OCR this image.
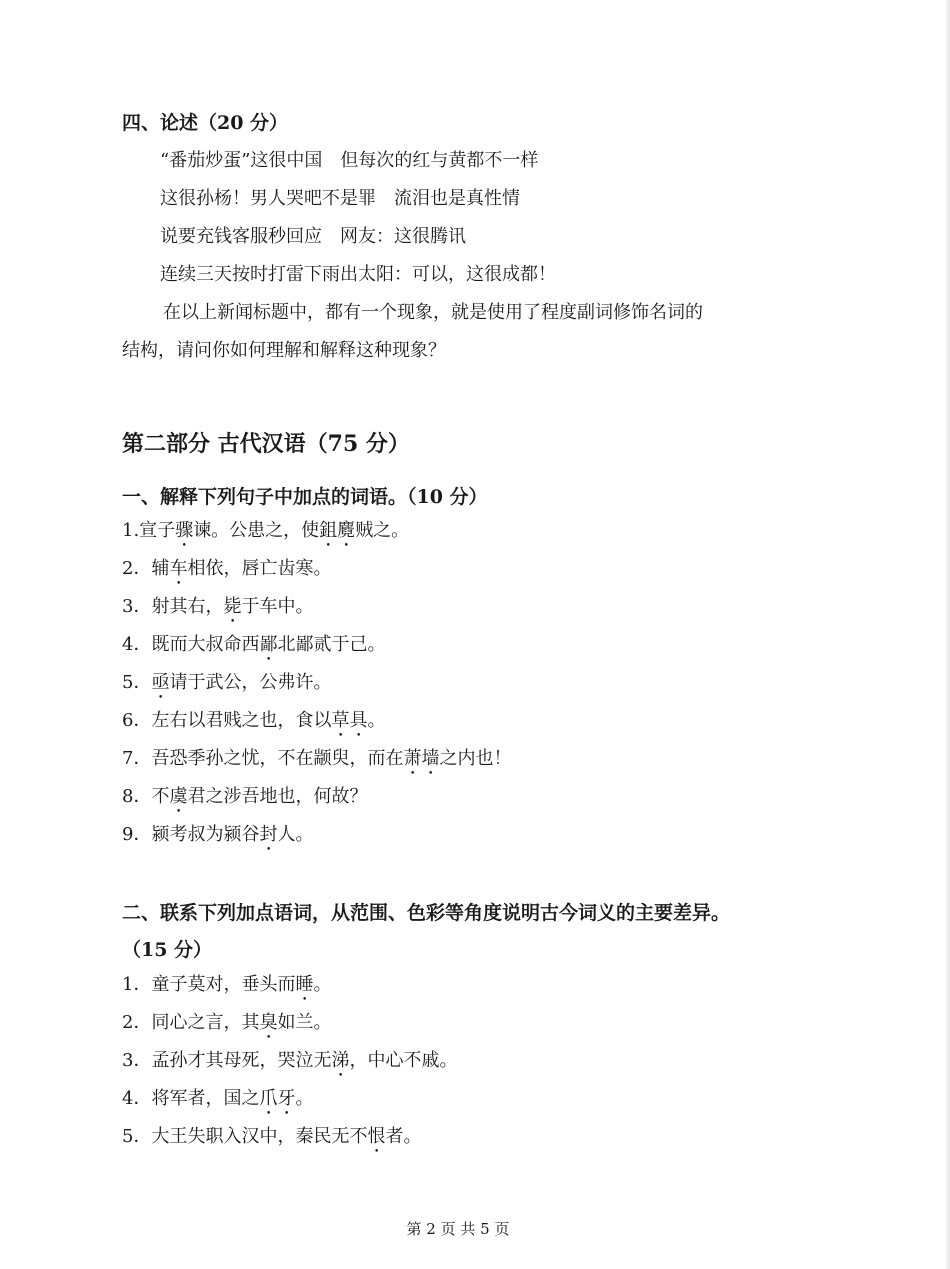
四、论述（20 分）
“番茄炒蛋”这很中国　但每次的红与黄都不一样
这很孙杨！男人哭吧不是罪　流泪也是真性情
说要充钱客服秒回应　网友：这很腾讯
连续三天按时打雷下雨出太阳：可以，这很成都！
在以上新闻标题中，都有一个现象，就是使用了程度副词修饰名词的
结构，请问你如何理解和解释这种现象？
第二部分 古代汉语（75 分）
一、解释下列句子中加点的词语。（10 分）
1.宣子骤谏。公患之，使鉏麑贼之。
2．辅车相依，唇亡齿寒。
3．射其右，毙于车中。
4．既而大叔命西鄙北鄙贰于己。
5．亟请于武公，公弗许。
6．左右以君贱之也，食以草具。
7．吾恐季孙之忧，不在颛臾，而在萧墙之内也！
8．不虞君之涉吾地也，何故？
9．颍考叔为颍谷封人。
二、联系下列加点语词，从范围、色彩等角度说明古今词义的主要差异。
（15 分）
1．童子莫对，垂头而睡。
2．同心之言，其臭如兰。
3．孟孙才其母死，哭泣无涕，中心不戚。
4．将军者，国之爪牙。
5．大王失职入汉中，秦民无不恨者。
第 2 页 共 5 页
